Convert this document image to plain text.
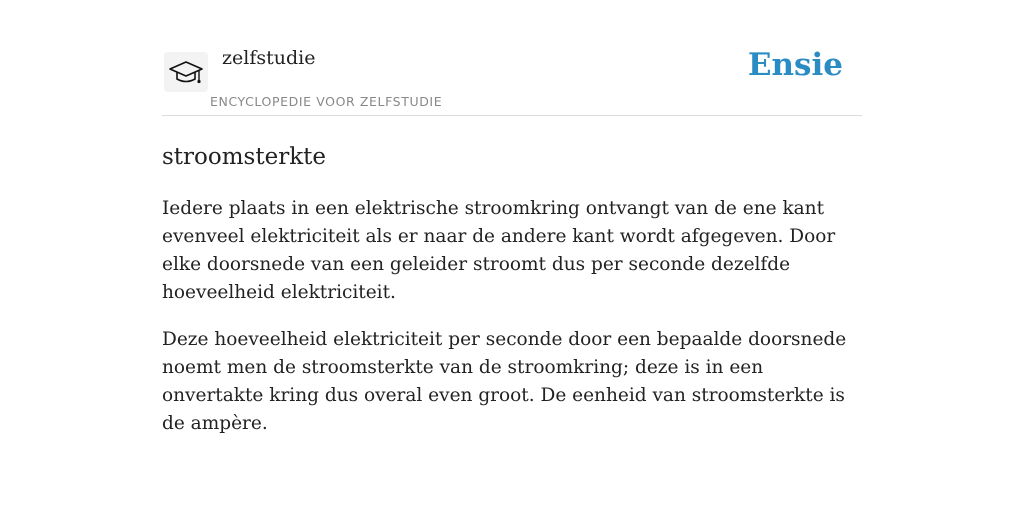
zelfstudie
ENCYCLOPEDIE VOOR ZELFSTUDIE
Ensie
stroomsterkte

Iedere plaats in een elektrische stroomkring ontvangt van de ene kant evenveel elektriciteit als er naar de andere kant wordt afgegeven. Door elke doorsnede van een geleider stroomt dus per seconde dezelfde hoeveelheid elektriciteit.

Deze hoeveelheid elektriciteit per seconde door een bepaalde doorsnede noemt men de stroomsterkte van de stroomkring; deze is in een onvertakte kring dus overal even groot. De eenheid van stroomsterkte is de ampère.
